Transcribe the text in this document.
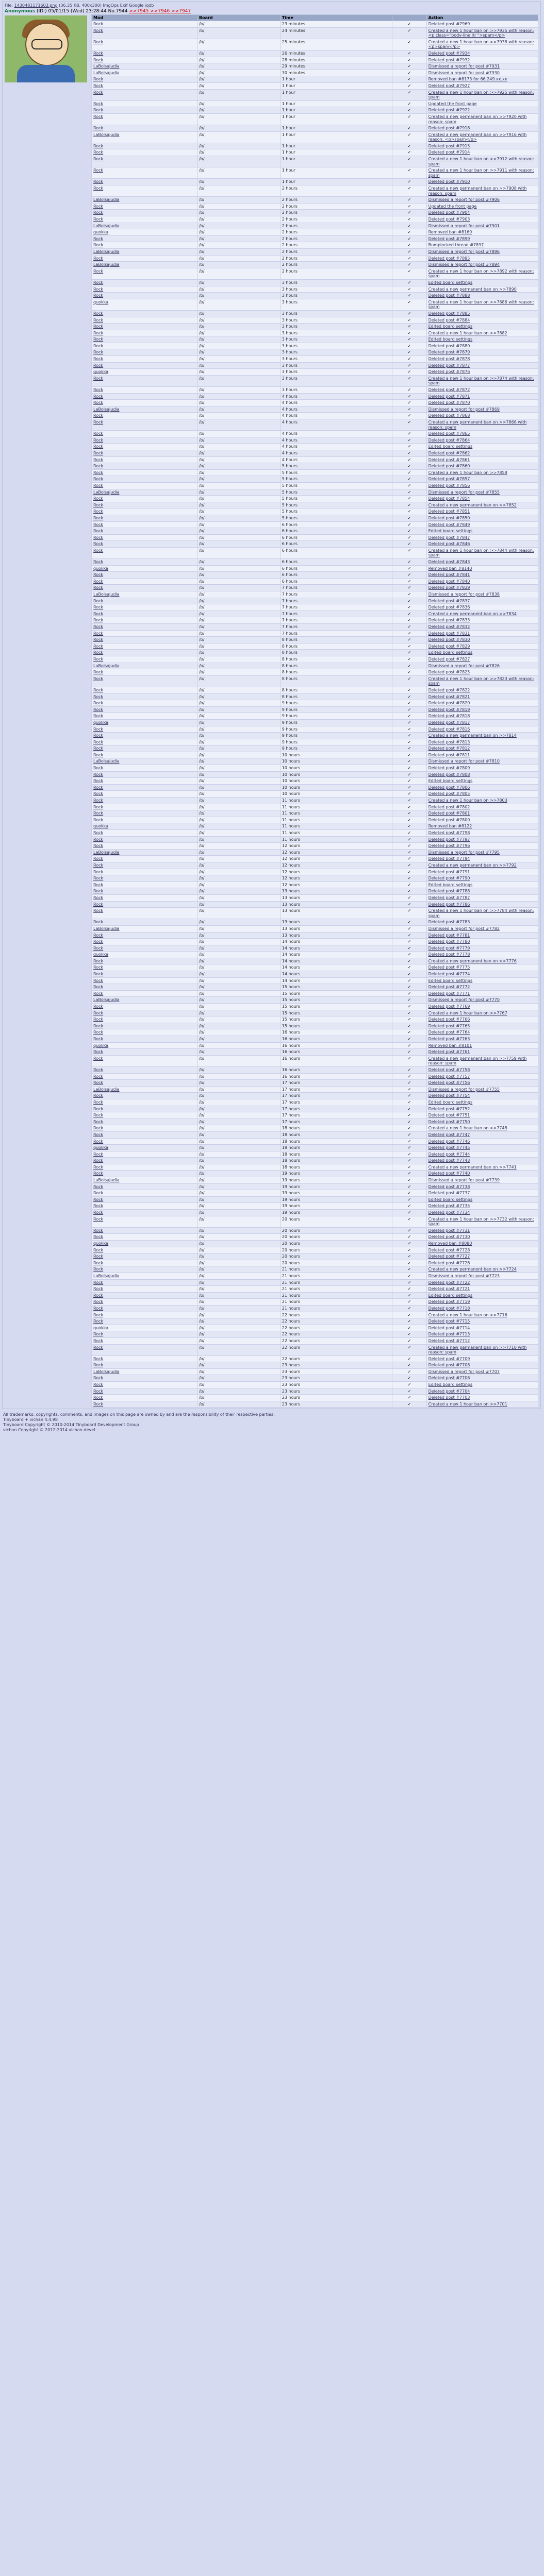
File: 1430481171603.png (36.35 KB, 400x300) ImgOps Exif Google iqdb
Anonymous (ID:) 05/01/15 (Wed) 23:28:44 No.7944 >>7945 >>7946 >>7947
Mod	Board	Time		Action
Rock	/b/	23 minutes	✓	Deleted post #7969
Rock	/b/	24 minutes	✓	Created a new 1 hour ban on >>7935 with reason: <p class="body-line ltr ">spam</p>
Rock	/b/	25 minutes	✓	Created a new 1 hour ban on >>7938 with reason: <p>spam</p>
Rock	/b/	26 minutes	✓	Deleted post #7934
Rock	/b/	28 minutes	✓	Deleted post #7932
LaBolsajudia	/b/	29 minutes	✓	Dismissed a report for post #7931
LaBolsajudia	/b/	30 minutes	✓	Dismissed a report for post #7930
Rock	/b/	1 hour	✓	Removed ban #8173 for 66.249.xx.xx
Rock	/b/	1 hour	✓	Deleted post #7927
Rock	/b/	1 hour	✓	Created a new 1 hour ban on >>7925 with reason: spam
Rock	/b/	1 hour	✓	Updated the front page
Rock	/b/	1 hour	✓	Deleted post #7922
Rock	/b/	1 hour	✓	Created a new permanent ban on >>7920 with reason: spam
Rock	/b/	1 hour	✓	Deleted post #7918
LaBolsajudia	/b/	1 hour	✓	Created a new permanent ban on >>7916 with reason: <p>spam</p>
Rock	/b/	1 hour	✓	Deleted post #7915
Rock	/b/	1 hour	✓	Deleted post #7914
Rock	/b/	1 hour	✓	Created a new 1 hour ban on >>7912 with reason: spam
Rock	/b/	1 hour	✓	Created a new 1 hour ban on >>7911 with reason: spam
Rock	/b/	1 hour	✓	Deleted post #7910
Rock	/b/	2 hours	✓	Created a new permanent ban on >>7908 with reason: spam
LaBolsajudia	/b/	2 hours	✓	Dismissed a report for post #7906
Rock	/b/	2 hours	✓	Updated the front page
Rock	/b/	2 hours	✓	Deleted post #7904
Rock	/b/	2 hours	✓	Deleted post #7903
LaBolsajudia	/b/	2 hours	✓	Dismissed a report for post #7901
quokka	/b/	2 hours	✓	Removed ban #8169
Rock	/b/	2 hours	✓	Deleted post #7899
Rock	/b/	2 hours	✓	Bumplocked thread #7897
LaBolsajudia	/b/	2 hours	✓	Dismissed a report for post #7896
Rock	/b/	2 hours	✓	Deleted post #7895
LaBolsajudia	/b/	2 hours	✓	Dismissed a report for post #7894
Rock	/b/	2 hours	✓	Created a new 1 hour ban on >>7892 with reason: spam
Rock	/b/	3 hours	✓	Edited board settings
Rock	/b/	3 hours	✓	Created a new permanent ban on >>7890
Rock	/b/	3 hours	✓	Deleted post #7888
quokka	/b/	3 hours	✓	Created a new 1 hour ban on >>7886 with reason: spam
Rock	/b/	3 hours	✓	Deleted post #7885
Rock	/b/	3 hours	✓	Deleted post #7884
Rock	/b/	3 hours	✓	Edited board settings
Rock	/b/	3 hours	✓	Created a new 1 hour ban on >>7882
Rock	/b/	3 hours	✓	Edited board settings
Rock	/b/	3 hours	✓	Deleted post #7880
Rock	/b/	3 hours	✓	Deleted post #7879
Rock	/b/	3 hours	✓	Deleted post #7878
Rock	/b/	3 hours	✓	Deleted post #7877
quokka	/b/	3 hours	✓	Deleted post #7876
Rock	/b/	3 hours	✓	Created a new 1 hour ban on >>7874 with reason: spam
Rock	/b/	3 hours	✓	Deleted post #7872
Rock	/b/	4 hours	✓	Deleted post #7871
Rock	/b/	4 hours	✓	Deleted post #7870
LaBolsajudia	/b/	4 hours	✓	Dismissed a report for post #7869
Rock	/b/	4 hours	✓	Deleted post #7868
Rock	/b/	4 hours	✓	Created a new permanent ban on >>7866 with reason: spam
Rock	/b/	4 hours	✓	Deleted post #7865
Rock	/b/	4 hours	✓	Deleted post #7864
Rock	/b/	4 hours	✓	Edited board settings
Rock	/b/	4 hours	✓	Deleted post #7862
Rock	/b/	4 hours	✓	Deleted post #7861
Rock	/b/	5 hours	✓	Deleted post #7860
Rock	/b/	5 hours	✓	Created a new 1 hour ban on >>7858
Rock	/b/	5 hours	✓	Deleted post #7857
Rock	/b/	5 hours	✓	Deleted post #7856
LaBolsajudia	/b/	5 hours	✓	Dismissed a report for post #7855
Rock	/b/	5 hours	✓	Deleted post #7854
Rock	/b/	5 hours	✓	Created a new permanent ban on >>7852
Rock	/b/	5 hours	✓	Deleted post #7851
Rock	/b/	5 hours	✓	Deleted post #7850
Rock	/b/	6 hours	✓	Deleted post #7849
Rock	/b/	6 hours	✓	Edited board settings
Rock	/b/	6 hours	✓	Deleted post #7847
Rock	/b/	6 hours	✓	Deleted post #7846
Rock	/b/	6 hours	✓	Created a new 1 hour ban on >>7844 with reason: spam
Rock	/b/	6 hours	✓	Deleted post #7843
quokka	/b/	6 hours	✓	Removed ban #8140
Rock	/b/	6 hours	✓	Deleted post #7841
Rock	/b/	6 hours	✓	Deleted post #7840
Rock	/b/	7 hours	✓	Deleted post #7839
LaBolsajudia	/b/	7 hours	✓	Dismissed a report for post #7838
Rock	/b/	7 hours	✓	Deleted post #7837
Rock	/b/	7 hours	✓	Deleted post #7836
Rock	/b/	7 hours	✓	Created a new permanent ban on >>7834
Rock	/b/	7 hours	✓	Deleted post #7833
Rock	/b/	7 hours	✓	Deleted post #7832
Rock	/b/	7 hours	✓	Deleted post #7831
Rock	/b/	8 hours	✓	Deleted post #7830
Rock	/b/	8 hours	✓	Deleted post #7829
Rock	/b/	8 hours	✓	Edited board settings
Rock	/b/	8 hours	✓	Deleted post #7827
LaBolsajudia	/b/	8 hours	✓	Dismissed a report for post #7826
Rock	/b/	8 hours	✓	Deleted post #7825
Rock	/b/	8 hours	✓	Created a new 1 hour ban on >>7823 with reason: spam
Rock	/b/	8 hours	✓	Deleted post #7822
Rock	/b/	8 hours	✓	Deleted post #7821
Rock	/b/	9 hours	✓	Deleted post #7820
Rock	/b/	9 hours	✓	Deleted post #7819
Rock	/b/	9 hours	✓	Deleted post #7818
quokka	/b/	9 hours	✓	Deleted post #7817
Rock	/b/	9 hours	✓	Deleted post #7816
Rock	/b/	9 hours	✓	Created a new permanent ban on >>7814
Rock	/b/	9 hours	✓	Deleted post #7813
Rock	/b/	9 hours	✓	Deleted post #7812
Rock	/b/	10 hours	✓	Deleted post #7811
LaBolsajudia	/b/	10 hours	✓	Dismissed a report for post #7810
Rock	/b/	10 hours	✓	Deleted post #7809
Rock	/b/	10 hours	✓	Deleted post #7808
Rock	/b/	10 hours	✓	Edited board settings
Rock	/b/	10 hours	✓	Deleted post #7806
Rock	/b/	10 hours	✓	Deleted post #7805
Rock	/b/	11 hours	✓	Created a new 1 hour ban on >>7803
Rock	/b/	11 hours	✓	Deleted post #7802
Rock	/b/	11 hours	✓	Deleted post #7801
Rock	/b/	11 hours	✓	Deleted post #7800
quokka	/b/	11 hours	✓	Removed ban #8122
Rock	/b/	11 hours	✓	Deleted post #7798
Rock	/b/	11 hours	✓	Deleted post #7797
Rock	/b/	12 hours	✓	Deleted post #7796
LaBolsajudia	/b/	12 hours	✓	Dismissed a report for post #7795
Rock	/b/	12 hours	✓	Deleted post #7794
Rock	/b/	12 hours	✓	Created a new permanent ban on >>7792
Rock	/b/	12 hours	✓	Deleted post #7791
Rock	/b/	12 hours	✓	Deleted post #7790
Rock	/b/	12 hours	✓	Edited board settings
Rock	/b/	13 hours	✓	Deleted post #7788
Rock	/b/	13 hours	✓	Deleted post #7787
Rock	/b/	13 hours	✓	Deleted post #7786
Rock	/b/	13 hours	✓	Created a new 1 hour ban on >>7784 with reason: spam
Rock	/b/	13 hours	✓	Deleted post #7783
LaBolsajudia	/b/	13 hours	✓	Dismissed a report for post #7782
Rock	/b/	13 hours	✓	Deleted post #7781
Rock	/b/	14 hours	✓	Deleted post #7780
Rock	/b/	14 hours	✓	Deleted post #7779
quokka	/b/	14 hours	✓	Deleted post #7778
Rock	/b/	14 hours	✓	Created a new permanent ban on >>7776
Rock	/b/	14 hours	✓	Deleted post #7775
Rock	/b/	14 hours	✓	Deleted post #7774
Rock	/b/	14 hours	✓	Edited board settings
Rock	/b/	15 hours	✓	Deleted post #7772
Rock	/b/	15 hours	✓	Deleted post #7771
LaBolsajudia	/b/	15 hours	✓	Dismissed a report for post #7770
Rock	/b/	15 hours	✓	Deleted post #7769
Rock	/b/	15 hours	✓	Created a new 1 hour ban on >>7767
Rock	/b/	15 hours	✓	Deleted post #7766
Rock	/b/	15 hours	✓	Deleted post #7765
Rock	/b/	16 hours	✓	Deleted post #7764
Rock	/b/	16 hours	✓	Deleted post #7763
quokka	/b/	16 hours	✓	Removed ban #8101
Rock	/b/	16 hours	✓	Deleted post #7761
Rock	/b/	16 hours	✓	Created a new permanent ban on >>7759 with reason: spam
Rock	/b/	16 hours	✓	Deleted post #7758
Rock	/b/	16 hours	✓	Deleted post #7757
Rock	/b/	17 hours	✓	Deleted post #7756
LaBolsajudia	/b/	17 hours	✓	Dismissed a report for post #7755
Rock	/b/	17 hours	✓	Deleted post #7754
Rock	/b/	17 hours	✓	Edited board settings
Rock	/b/	17 hours	✓	Deleted post #7752
Rock	/b/	17 hours	✓	Deleted post #7751
Rock	/b/	17 hours	✓	Deleted post #7750
Rock	/b/	18 hours	✓	Created a new 1 hour ban on >>7748
Rock	/b/	18 hours	✓	Deleted post #7747
Rock	/b/	18 hours	✓	Deleted post #7746
quokka	/b/	18 hours	✓	Deleted post #7745
Rock	/b/	18 hours	✓	Deleted post #7744
Rock	/b/	18 hours	✓	Deleted post #7743
Rock	/b/	18 hours	✓	Created a new permanent ban on >>7741
Rock	/b/	19 hours	✓	Deleted post #7740
LaBolsajudia	/b/	19 hours	✓	Dismissed a report for post #7739
Rock	/b/	19 hours	✓	Deleted post #7738
Rock	/b/	19 hours	✓	Deleted post #7737
Rock	/b/	19 hours	✓	Edited board settings
Rock	/b/	19 hours	✓	Deleted post #7735
Rock	/b/	19 hours	✓	Deleted post #7734
Rock	/b/	20 hours	✓	Created a new 1 hour ban on >>7732 with reason: spam
Rock	/b/	20 hours	✓	Deleted post #7731
Rock	/b/	20 hours	✓	Deleted post #7730
quokka	/b/	20 hours	✓	Removed ban #8080
Rock	/b/	20 hours	✓	Deleted post #7728
Rock	/b/	20 hours	✓	Deleted post #7727
Rock	/b/	20 hours	✓	Deleted post #7726
Rock	/b/	21 hours	✓	Created a new permanent ban on >>7724
LaBolsajudia	/b/	21 hours	✓	Dismissed a report for post #7723
Rock	/b/	21 hours	✓	Deleted post #7722
Rock	/b/	21 hours	✓	Deleted post #7721
Rock	/b/	21 hours	✓	Edited board settings
Rock	/b/	21 hours	✓	Deleted post #7719
Rock	/b/	21 hours	✓	Deleted post #7718
Rock	/b/	22 hours	✓	Created a new 1 hour ban on >>7716
Rock	/b/	22 hours	✓	Deleted post #7715
quokka	/b/	22 hours	✓	Deleted post #7714
Rock	/b/	22 hours	✓	Deleted post #7713
Rock	/b/	22 hours	✓	Deleted post #7712
Rock	/b/	22 hours	✓	Created a new permanent ban on >>7710 with reason: spam
Rock	/b/	22 hours	✓	Deleted post #7709
Rock	/b/	23 hours	✓	Deleted post #7708
LaBolsajudia	/b/	23 hours	✓	Dismissed a report for post #7707
Rock	/b/	23 hours	✓	Deleted post #7706
Rock	/b/	23 hours	✓	Edited board settings
Rock	/b/	23 hours	✓	Deleted post #7704
Rock	/b/	23 hours	✓	Deleted post #7703
Rock	/b/	23 hours	✓	Created a new 1 hour ban on >>7701
All trademarks, copyrights, comments, and images on this page are owned by and are the responsibility of their respective parties.
Tinyboard + vichan 4.4.98
Tinyboard Copyright © 2010-2014 Tinyboard Development Group
vichan Copyright © 2012-2014 vichan-devel
